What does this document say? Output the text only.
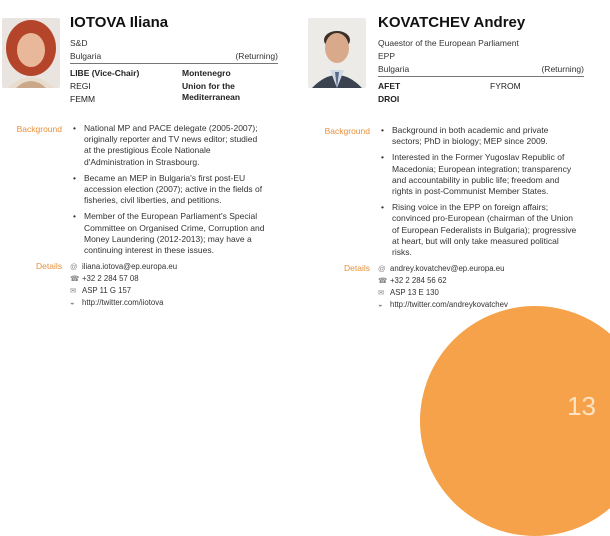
IOTOVA Iliana
S&D
Bulgaria	(Returning)
LIBE (Vice-Chair)
REGI
FEMM
Montenegro
Union for the
Mediterranean
Background • National MP and PACE delegate (2005-2007);
originally reporter and TV news editor; studied
at the prestigious École Nationale
d'Administration in Strasbourg.
• Became an MEP in Bulgaria's first post-EU
accession election (2007); active in the fields of
fisheries, civil liberties, and petitions.
• Member of the European Parliament's Special
Committee on Organised Crime, Corruption and
Money Laundering (2012-2013); may have a
continuing interest in these issues.
Details @ iliana.iotova@ep.europa.eu
☎ +32 2 284 57 08
✉ ASP 11 G 157
◒ http://twitter.com/iiotova
KOVATCHEV Andrey
Quaestor of the European Parliament
EPP
Bulgaria	(Returning)
AFET
DROI
FYROM
Background • Background in both academic and private
sectors; PhD in biology; MEP since 2009.
• Interested in the Former Yugoslav Republic of
Macedonia; European integration; transparency
and accountability in public life; freedom and
rights in post-Communist Member States.
• Rising voice in the EPP on foreign affairs;
convinced pro-European (chairman of the Union
of European Federalists in Bulgaria); progressive
at heart, but will only take measured political
risks.
Details @ andrey.kovatchev@ep.europa.eu
☎ +32 2 284 56 62
✉ ASP 13 E 130
◒ http://twitter.com/andreykovatchev
13
